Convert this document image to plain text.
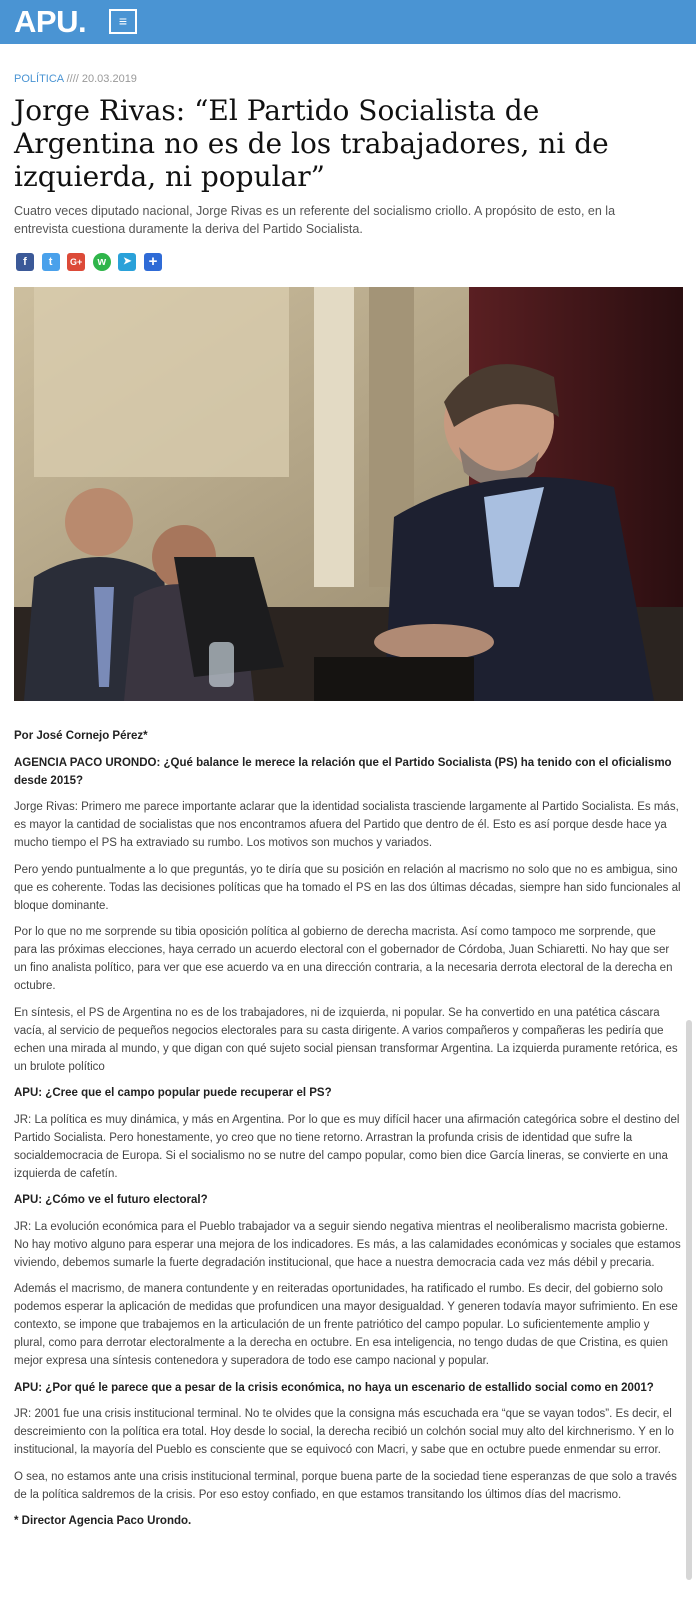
APU.	≡
POLÍTICA //// 20.03.2019
Jorge Rivas: “El Partido Socialista de Argentina no es de los trabajadores, ni de izquierda, ni popular”
Cuatro veces diputado nacional, Jorge Rivas es un referente del socialismo criollo. A propósito de esto, en la entrevista cuestiona duramente la deriva del Partido Socialista.
f	t	G+	w	➤	+

Por José Cornejo Pérez*

AGENCIA PACO URONDO: ¿Qué balance le merece la relación que el Partido Socialista (PS) ha tenido con el oficialismo desde 2015?

Jorge Rivas: Primero me parece importante aclarar que la identidad socialista trasciende largamente al Partido Socialista. Es más, es mayor la cantidad de socialistas que nos encontramos afuera del Partido que dentro de él. Esto es así porque desde hace ya mucho tiempo el PS ha extraviado su rumbo. Los motivos son muchos y variados.

Pero yendo puntualmente a lo que preguntás, yo te diría que su posición en relación al macrismo no solo que no es ambigua, sino que es coherente. Todas las decisiones políticas que ha tomado el PS en las dos últimas décadas, siempre han sido funcionales al bloque dominante.

Por lo que no me sorprende su tibia oposición política al gobierno de derecha macrista. Así como tampoco me sorprende, que para las próximas elecciones, haya cerrado un acuerdo electoral con el gobernador de Córdoba, Juan Schiaretti. No hay que ser un fino analista político, para ver que ese acuerdo va en una dirección contraria, a la necesaria derrota electoral de la derecha en octubre.

En síntesis, el PS de Argentina no es de los trabajadores, ni de izquierda, ni popular. Se ha convertido en una patética cáscara vacía, al servicio de pequeños negocios electorales para su casta dirigente. A varios compañeros y compañeras les pediría que echen una mirada al mundo, y que digan con qué sujeto social piensan transformar Argentina. La izquierda puramente retórica, es un brulote político

APU: ¿Cree que el campo popular puede recuperar el PS?

JR: La política es muy dinámica, y más en Argentina. Por lo que es muy difícil hacer una afirmación categórica sobre el destino del Partido Socialista. Pero honestamente, yo creo que no tiene retorno. Arrastran la profunda crisis de identidad que sufre la socialdemocracia de Europa. Si el socialismo no se nutre del campo popular, como bien dice García lineras, se convierte en una izquierda de cafetín.

APU: ¿Cómo ve el futuro electoral?

JR: La evolución económica para el Pueblo trabajador va a seguir siendo negativa mientras el neoliberalismo macrista gobierne. No hay motivo alguno para esperar una mejora de los indicadores. Es más, a las calamidades económicas y sociales que estamos viviendo, debemos sumarle la fuerte degradación institucional, que hace a nuestra democracia cada vez más débil y precaria.

Además el macrismo, de manera contundente y en reiteradas oportunidades, ha ratificado el rumbo. Es decir, del gobierno solo podemos esperar la aplicación de medidas que profundicen una mayor desigualdad. Y generen todavía mayor sufrimiento. En ese contexto, se impone que trabajemos en la articulación de un frente patriótico del campo popular. Lo suficientemente amplio y plural, como para derrotar electoralmente a la derecha en octubre. En esa inteligencia, no tengo dudas de que Cristina, es quien mejor expresa una síntesis contenedora y superadora de todo ese campo nacional y popular.

APU: ¿Por qué le parece que a pesar de la crisis económica, no haya un escenario de estallido social como en 2001?

JR: 2001 fue una crisis institucional terminal. No te olvides que la consigna más escuchada era “que se vayan todos”. Es decir, el descreimiento con la política era total. Hoy desde lo social, la derecha recibió un colchón social muy alto del kirchnerismo. Y en lo institucional, la mayoría del Pueblo es consciente que se equivocó con Macri, y sabe que en octubre puede enmendar su error.

O sea, no estamos ante una crisis institucional terminal, porque buena parte de la sociedad tiene esperanzas de que solo a través de la política saldremos de la crisis. Por eso estoy confiado, en que estamos transitando los últimos días del macrismo.

* Director Agencia Paco Urondo.
